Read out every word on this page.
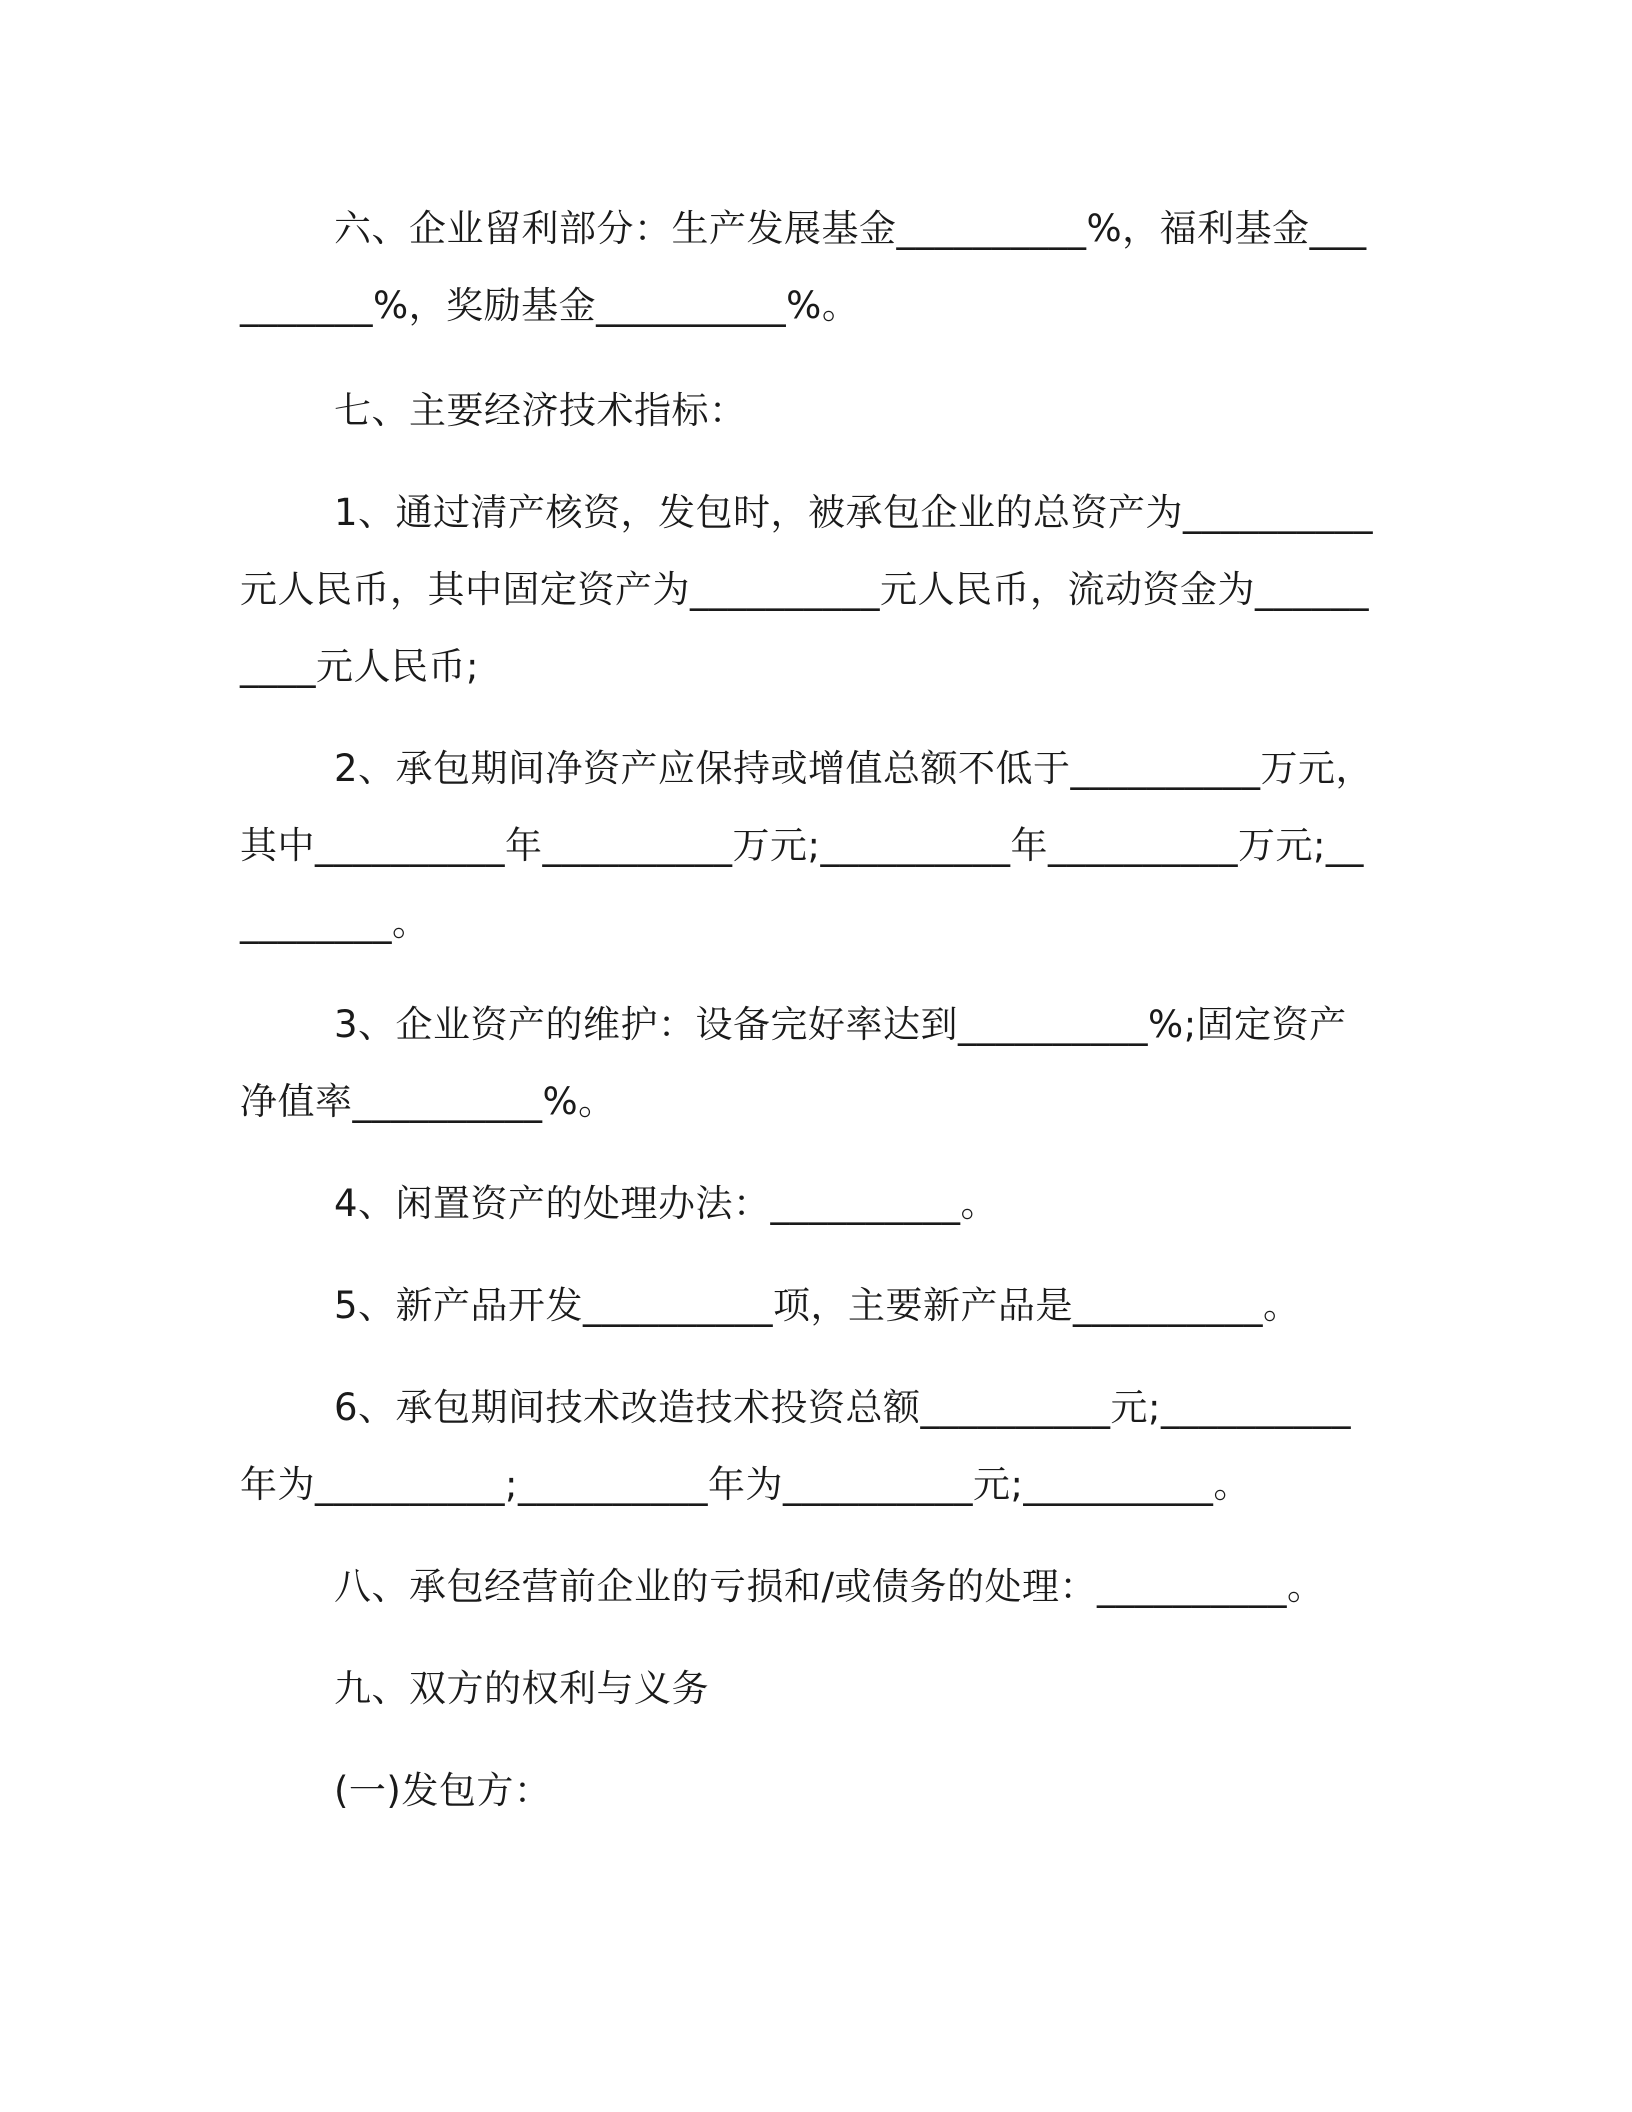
六、企业留利部分：生产发展基金__________%，福利基金__________%，奖励基金__________%。

七、主要经济技术指标：

1、通过清产核资，发包时，被承包企业的总资产为__________元人民币，其中固定资产为__________元人民币，流动资金为__________元人民币;

2、承包期间净资产应保持或增值总额不低于__________万元，其中__________年__________万元;__________年__________万元;__________。

3、企业资产的维护：设备完好率达到__________%;固定资产净值率__________%。

4、闲置资产的处理办法：__________。

5、新产品开发__________项，主要新产品是__________。

6、承包期间技术改造技术投资总额__________元;__________年为__________;__________年为__________元;__________。

八、承包经营前企业的亏损和/或债务的处理：__________。

九、双方的权利与义务

(一)发包方：
